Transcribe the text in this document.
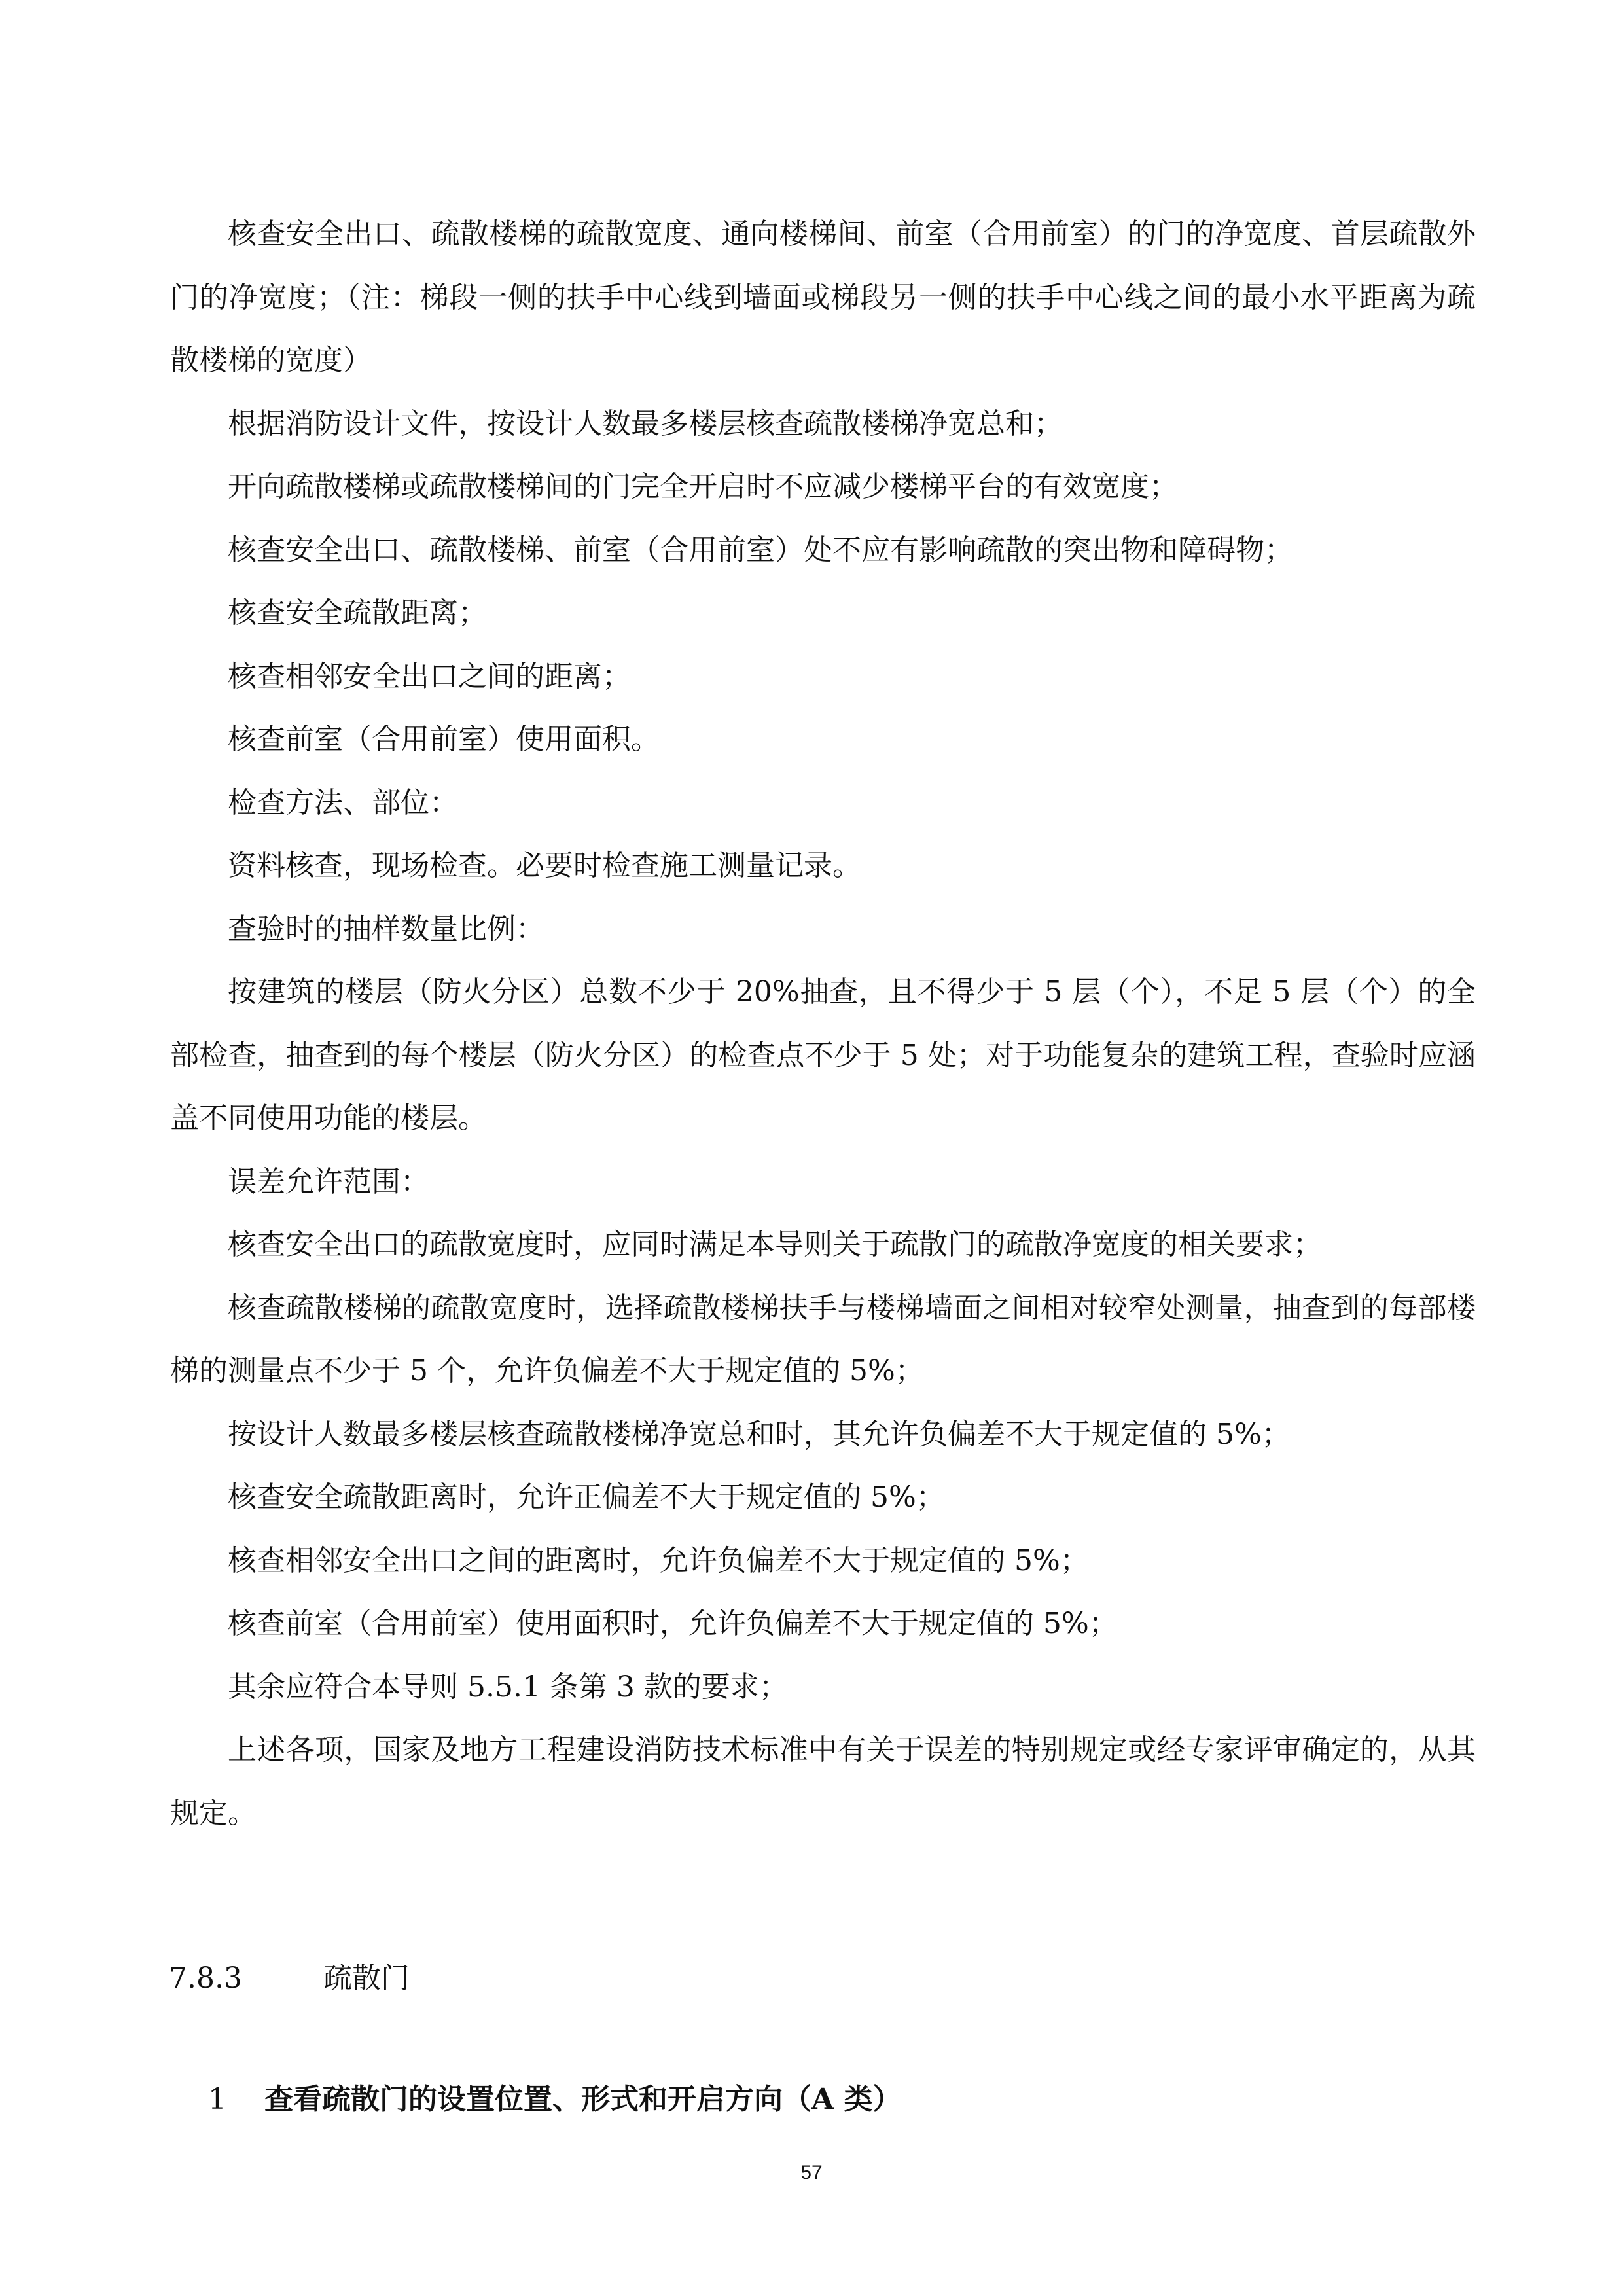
核查安全出口、疏散楼梯的疏散宽度、通向楼梯间、前室（合用前室）的门的净宽度、首层疏散外门的净宽度；（注：梯段一侧的扶手中心线到墙面或梯段另一侧的扶手中心线之间的最小水平距离为疏散楼梯的宽度）

根据消防设计文件，按设计人数最多楼层核查疏散楼梯净宽总和；

开向疏散楼梯或疏散楼梯间的门完全开启时不应减少楼梯平台的有效宽度；

核查安全出口、疏散楼梯、前室（合用前室）处不应有影响疏散的突出物和障碍物；

核查安全疏散距离；

核查相邻安全出口之间的距离；

核查前室（合用前室）使用面积。

检查方法、部位：

资料核查，现场检查。必要时检查施工测量记录。

查验时的抽样数量比例：

按建筑的楼层（防火分区）总数不少于 20%抽查，且不得少于 5 层（个），不足 5 层（个）的全部检查，抽查到的每个楼层（防火分区）的检查点不少于 5 处；对于功能复杂的建筑工程，查验时应涵盖不同使用功能的楼层。

误差允许范围：

核查安全出口的疏散宽度时，应同时满足本导则关于疏散门的疏散净宽度的相关要求；

核查疏散楼梯的疏散宽度时，选择疏散楼梯扶手与楼梯墙面之间相对较窄处测量，抽查到的每部楼梯的测量点不少于 5 个，允许负偏差不大于规定值的 5%；

按设计人数最多楼层核查疏散楼梯净宽总和时，其允许负偏差不大于规定值的 5%；

核查安全疏散距离时，允许正偏差不大于规定值的 5%；

核查相邻安全出口之间的距离时，允许负偏差不大于规定值的 5%；

核查前室（合用前室）使用面积时，允许负偏差不大于规定值的 5%；

其余应符合本导则 5.5.1 条第 3 款的要求；

上述各项，国家及地方工程建设消防技术标准中有关于误差的特别规定或经专家评审确定的，从其规定。

7.8.3	疏散门
1 查看疏散门的设置位置、形式和开启方向（A 类）
57
